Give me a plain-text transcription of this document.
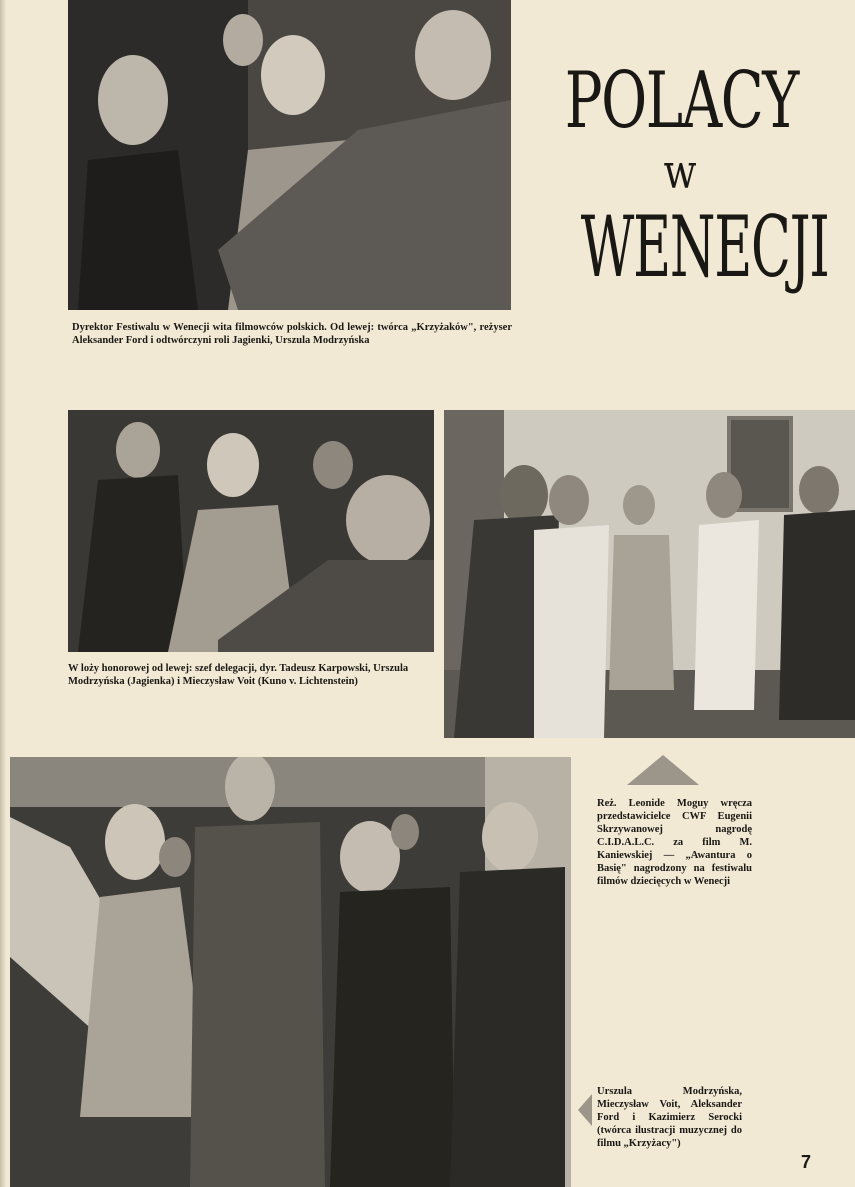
Dyrektor Festiwalu w Wenecji wita filmowców polskich. Od lewej: twórca „Krzyżaków", reżyser Aleksander Ford i odtwórczyni roli Jagienki, Urszula Modrzyńska

POLACY
w
WENECJI

W loży honorowej od lewej: szef delegacji, dyr. Tadeusz Karpowski, Urszula Modrzyńska (Jagienka) i Mieczysław Voit (Kuno v. Lichtenstein)

Reż. Leonide Moguy wręcza przedstawicielce CWF Eugenii Skrzywanowej nagrodę C.I.D.A.L.C. za film M. Kaniewskiej — „Awantura o Basię" nagrodzony na festiwalu filmów dziecięcych w Wenecji

Urszula Modrzyńska, Mieczysław Voit, Aleksander Ford i Kazimierz Serocki (twórca ilustracji muzycznej do filmu „Krzyżacy")

7
